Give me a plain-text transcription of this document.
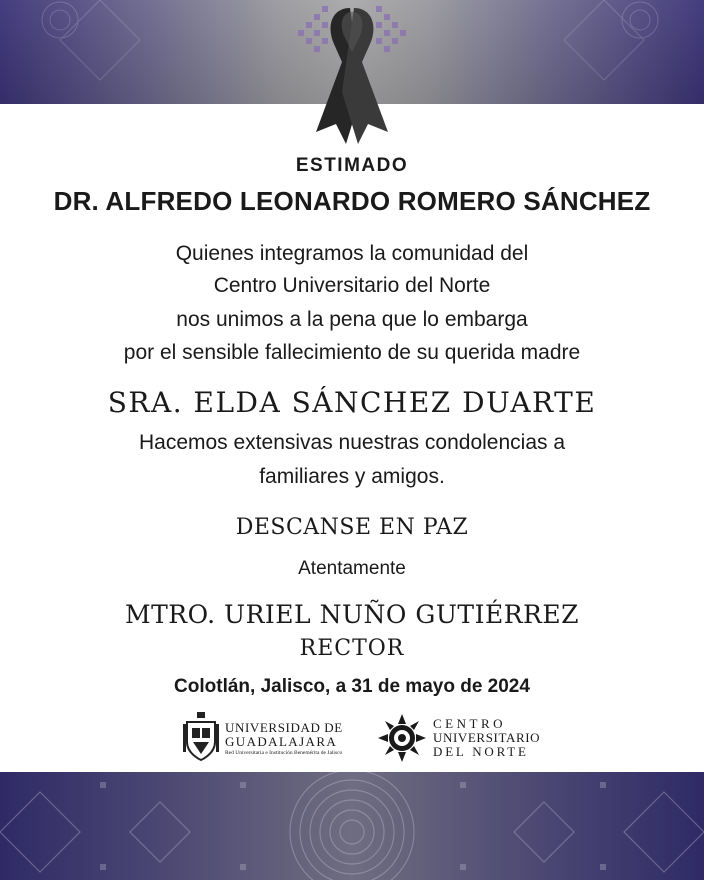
ESTIMADO

DR. ALFREDO LEONARDO ROMERO SÁNCHEZ

Quienes integramos la comunidad del

Centro Universitario del Norte

nos unimos a la pena que lo embarga

por el sensible fallecimiento de su querida madre

SRA. ELDA SÁNCHEZ DUARTE

Hacemos extensivas nuestras condolencias a

familiares y amigos.

DESCANSE EN PAZ

Atentamente

MTRO. URIEL NUÑO GUTIÉRREZ

RECTOR

Colotlán, Jalisco, a 31 de mayo de 2024

UNIVERSIDAD DE
GUADALAJARA
Red Universitaria e Institución Benemérita de Jalisco
CENTRO
UNIVERSITARIO
DEL NORTE
